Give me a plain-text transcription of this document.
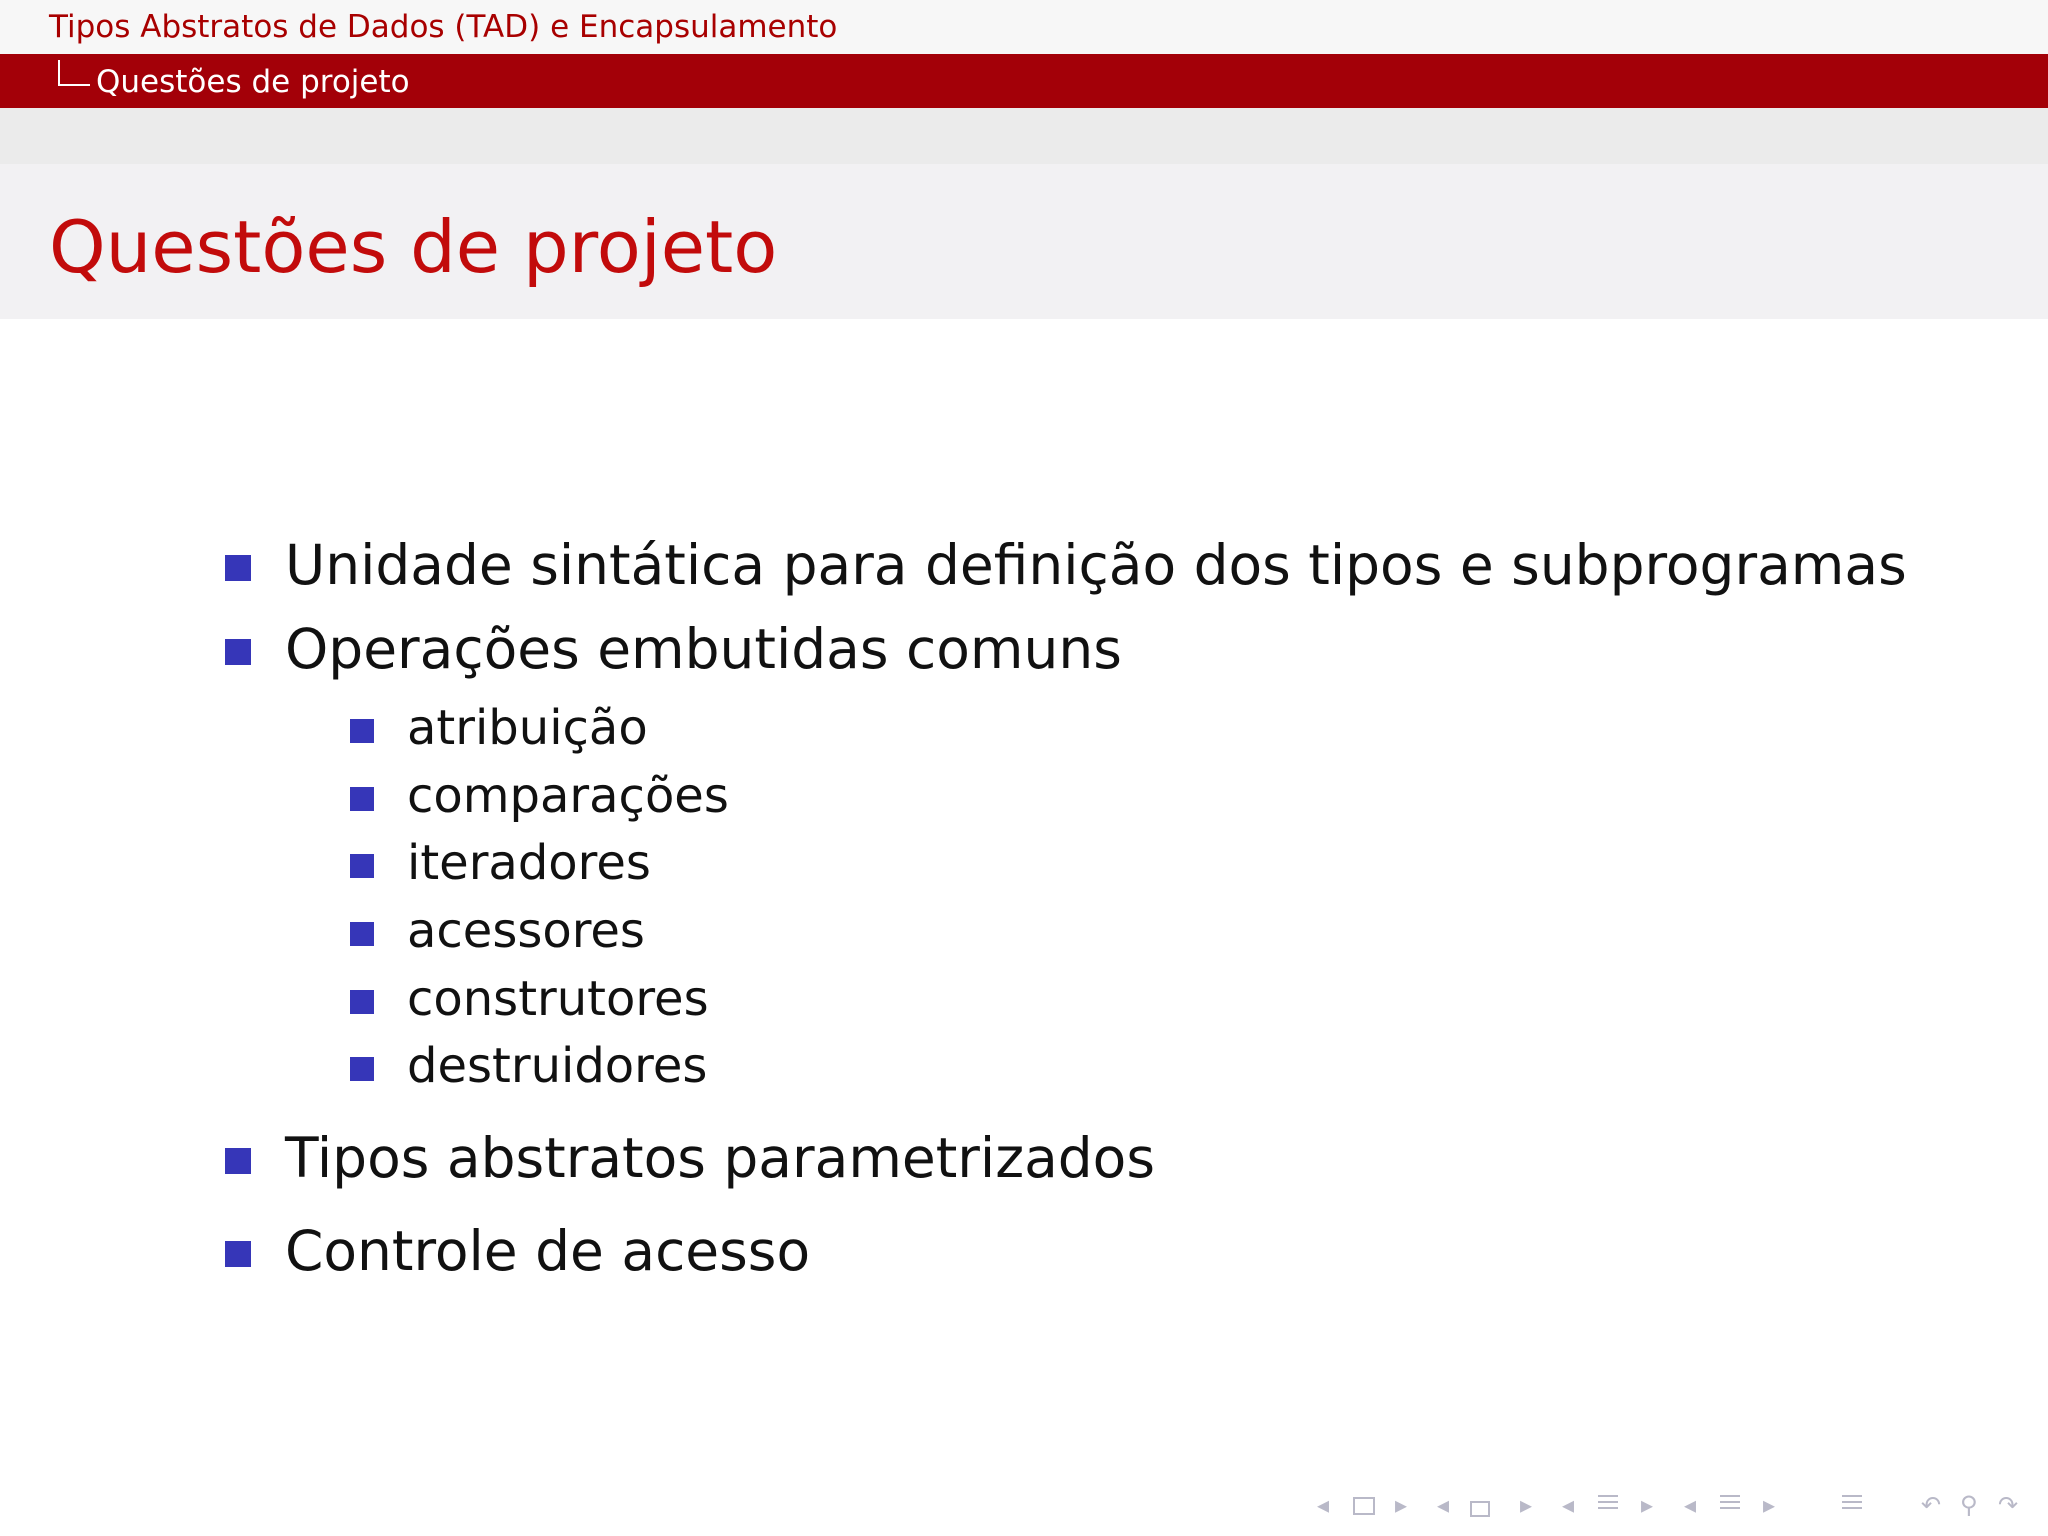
Tipos Abstratos de Dados (TAD) e Encapsulamento
Questões de projeto
Questões de projeto
Unidade sintática para definição dos tipos e subprogramas
Operações embutidas comuns
atribuição
comparações
iteradores
acessores
construtores
destruidores
Tipos abstratos parametrizados
Controle de acesso
◂	▸ ◂	▸ ◂	▸ ◂	▸	↶ ⚲ ↷
